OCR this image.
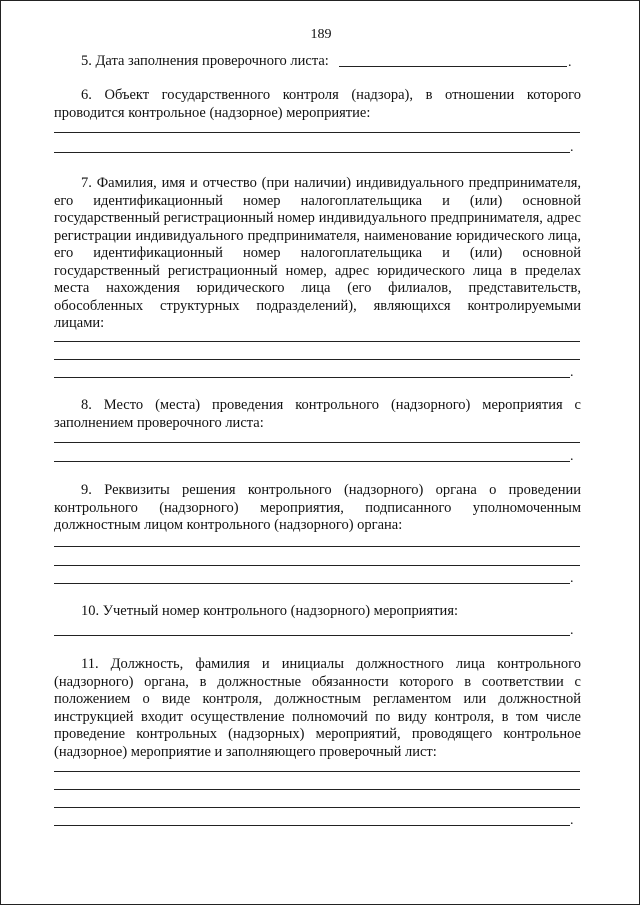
189
5. Дата заполнения проверочного листа:	.

6. Объект государственного контроля (надзора), в отношении которого проводится контрольное (надзорное) мероприятие:

.

7. Фамилия, имя и отчество (при наличии) индивидуального предпринимателя, его идентификационный номер налогоплательщика и (или) основной государственный регистрационный номер индивидуального предпринимателя, адрес регистрации индивидуального предпринимателя, наименование юридического лица, его идентификационный номер налогоплательщика и (или) основной государственный регистрационный номер, адрес юридического лица в пределах места нахождения юридического лица (его филиалов, представительств, обособленных структурных подразделений), являющихся контролируемыми лицами:

.

8. Место (места) проведения контрольного (надзорного) мероприятия с заполнением проверочного листа:

.

9. Реквизиты решения контрольного (надзорного) органа о проведении контрольного (надзорного) мероприятия, подписанного уполномоченным должностным лицом контрольного (надзорного) органа:

.
10. Учетный номер контрольного (надзорного) мероприятия:
.

11. Должность, фамилия и инициалы должностного лица контрольного (надзорного) органа, в должностные обязанности которого в соответствии с положением о виде контроля, должностным регламентом или должностной инструкцией входит осуществление полномочий по виду контроля, в том числе проведение контрольных (надзорных) мероприятий, проводящего контрольное (надзорное) мероприятие и заполняющего проверочный лист:

.
